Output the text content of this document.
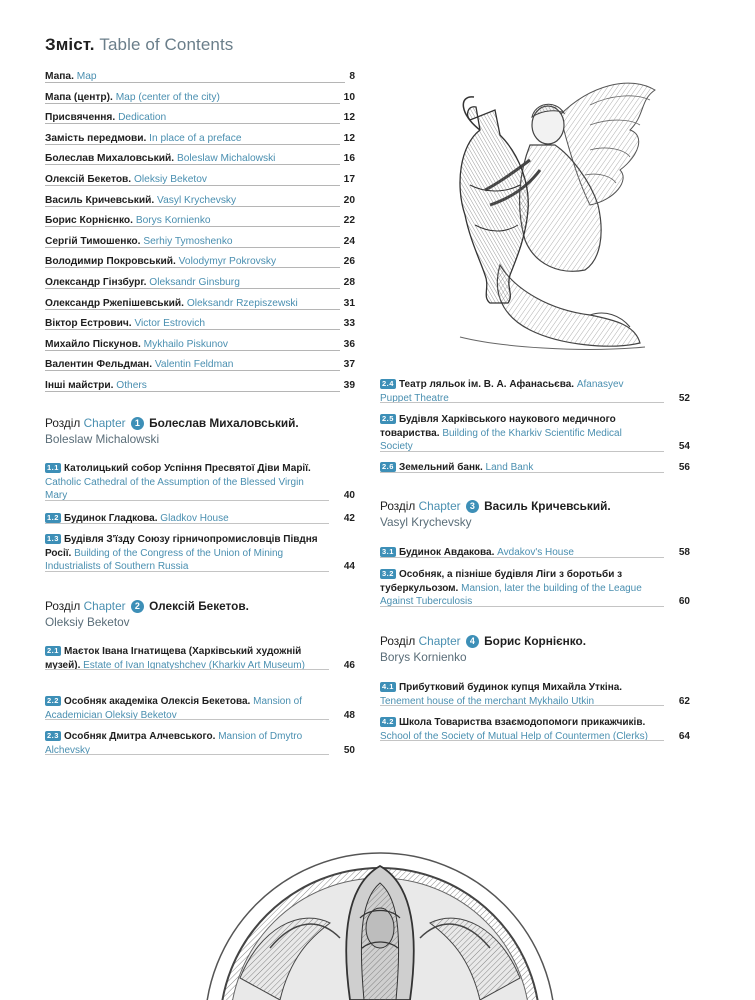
Зміст. Table of Contents
Мапа. Map	8
Мапа (центр). Map (center of the city)	10
Присвячення. Dedication	12
Замість передмови. In place of a preface	12
Болеслав Михаловський. Boleslaw Michalowski	16
Олексій Бекетов. Oleksiy Beketov	17
Василь Кричевський. Vasyl Krychevsky	20
Борис Корнієнко. Borys Kornienko	22
Сергій Тимошенко. Serhiy Tymoshenko	24
Володимир Покровський. Volodymyr Pokrovsky	26
Олександр Гінзбург. Oleksandr Ginsburg	28
Олександр Ржепішевський. Oleksandr Rzepiszewski	31
Віктор Естрович. Victor Estrovich	33
Михайло Піскунов. Mykhailo Piskunov	36
Валентин Фельдман. Valentin Feldman	37
Інші майстри. Others	39
Розділ Chapter 1 Болеслав Михаловський.
Boleslaw Michalowski
1.1 Католицький собор Успіння Пресвятої Діви Марії. Catholic Cathedral of the Assumption of the Blessed Virgin Mary	40
1.2 Будинок Гладкова. Gladkov House	42
1.3 Будівля З'їзду Союзу гірничопромисловців Півдня Росії. Building of the Congress of the Union of Mining Industrialists of Southern Russia	44
Розділ Chapter 2 Олексій Бекетов.
Oleksiy Beketov
2.1 Маєток Івана Ігнатищева (Харківський художній музей). Estate of Ivan Ignatyshchev (Kharkiv Art Museum)	46
2.2 Особняк академіка Олексія Бекетова. Mansion of Academician Oleksiy Beketov	48
2.3 Особняк Дмитра Алчевського. Mansion of Dmytro Alchevsky	50
2.4 Театр ляльок ім. В. А. Афанасьєва. Afanasyev Puppet Theatre	52
2.5 Будівля Харківського наукового медичного товариства. Building of the Kharkiv Scientific Medical Society	54
2.6 Земельний банк. Land Bank	56
Розділ Chapter 3 Василь Кричевський.
Vasyl Krychevsky
3.1 Будинок Авдакова. Avdakov's House	58
3.2 Особняк, а пізніше будівля Ліги з боротьби з туберкульозом. Mansion, later the building of the League Against Tuberculosis	60
Розділ Chapter 4 Борис Корнієнко.
Borys Kornienko
4.1 Прибутковий будинок купця Михайла Уткіна. Tenement house of the merchant Mykhailo Utkin	62
4.2 Школа Товариства взаємодопомоги прикажчиків. School of the Society of Mutual Help of Countermen (Clerks)	64
